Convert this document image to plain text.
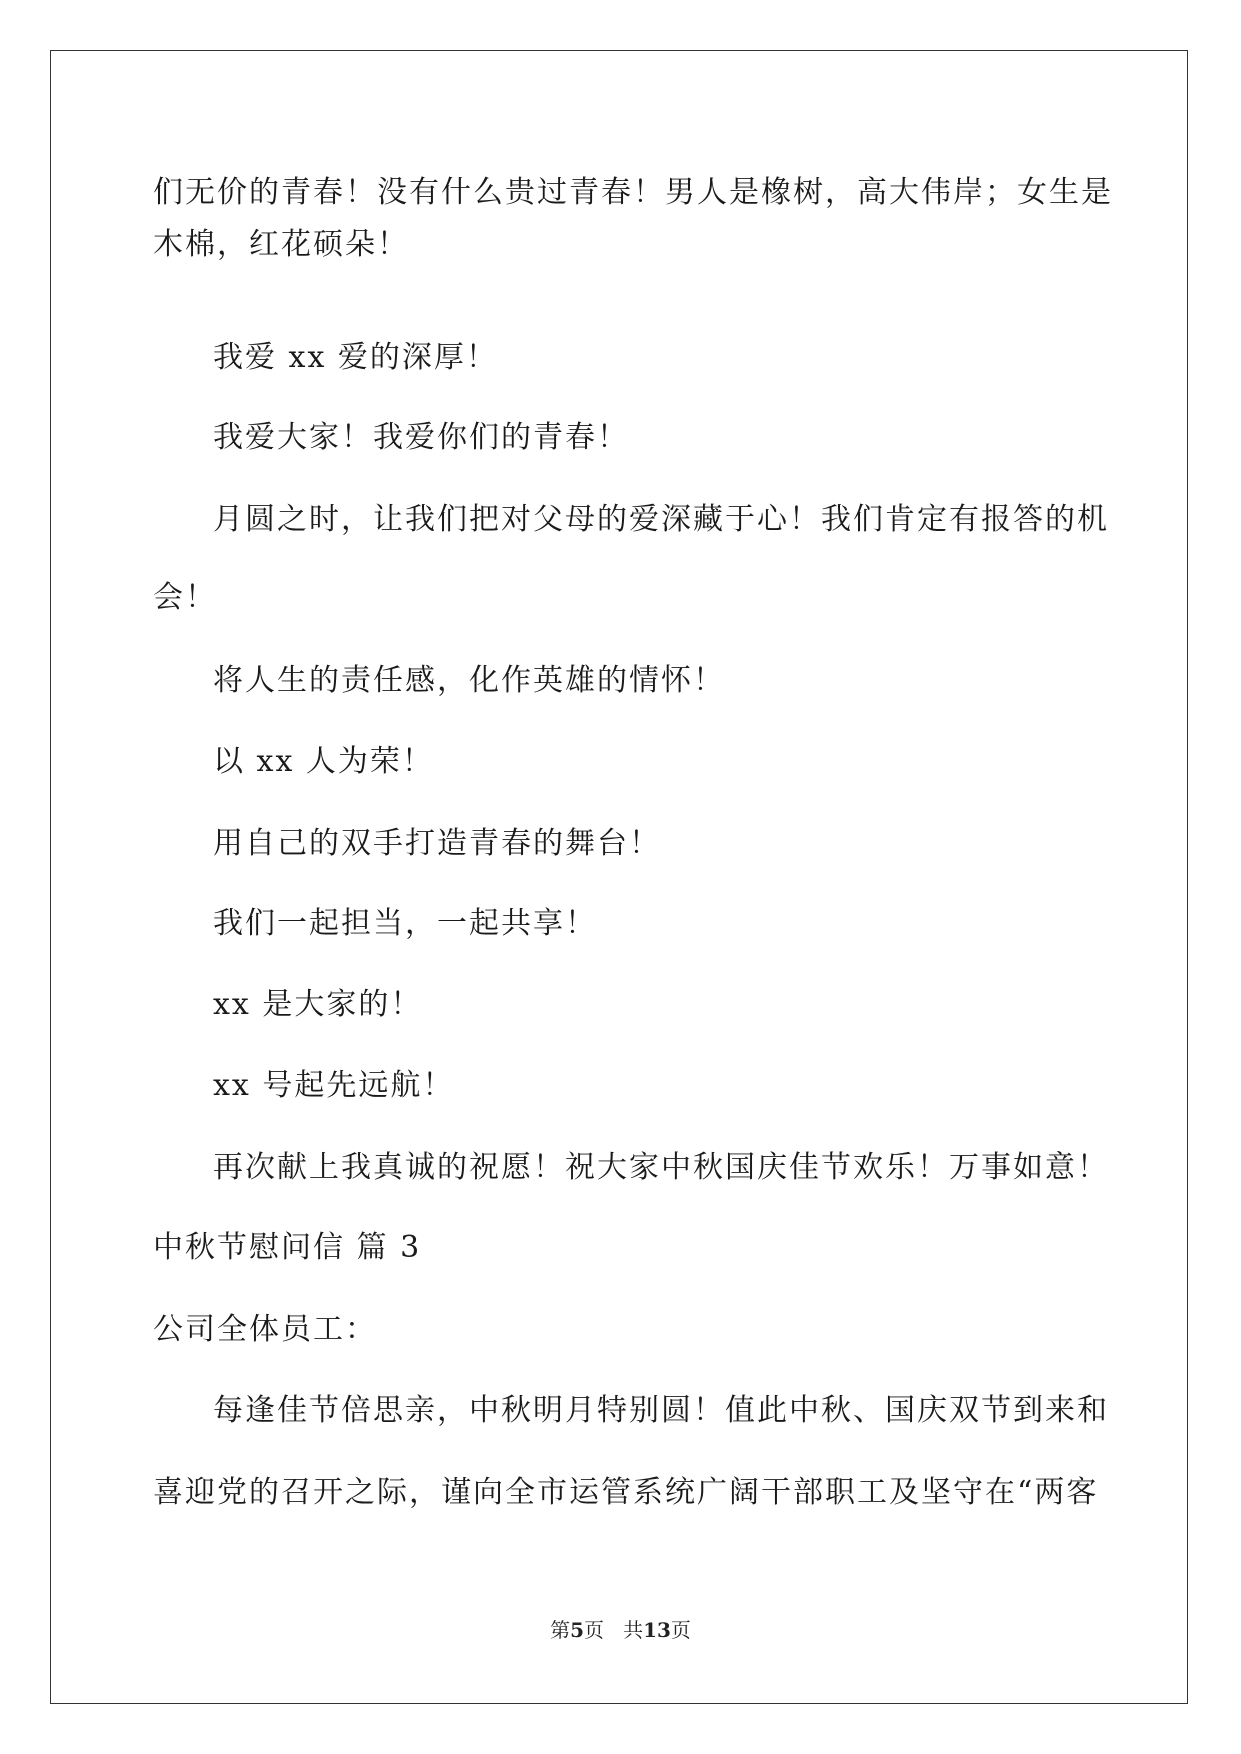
们无价的青春！没有什么贵过青春！男人是橡树，高大伟岸；女生是
木棉，红花硕朵！
我爱 xx 爱的深厚！
我爱大家！我爱你们的青春！
月圆之时，让我们把对父母的爱深藏于心！我们肯定有报答的机
会！
将人生的责任感，化作英雄的情怀！
以 xx 人为荣！
用自己的双手打造青春的舞台！
我们一起担当，一起共享！
xx 是大家的！
xx 号起先远航！
再次献上我真诚的祝愿！祝大家中秋国庆佳节欢乐！万事如意！
中秋节慰问信 篇 3
公司全体员工：
每逢佳节倍思亲，中秋明月特别圆！值此中秋、国庆双节到来和
喜迎党的召开之际，谨向全市运管系统广阔干部职工及坚守在“两客
第5页 共13页
